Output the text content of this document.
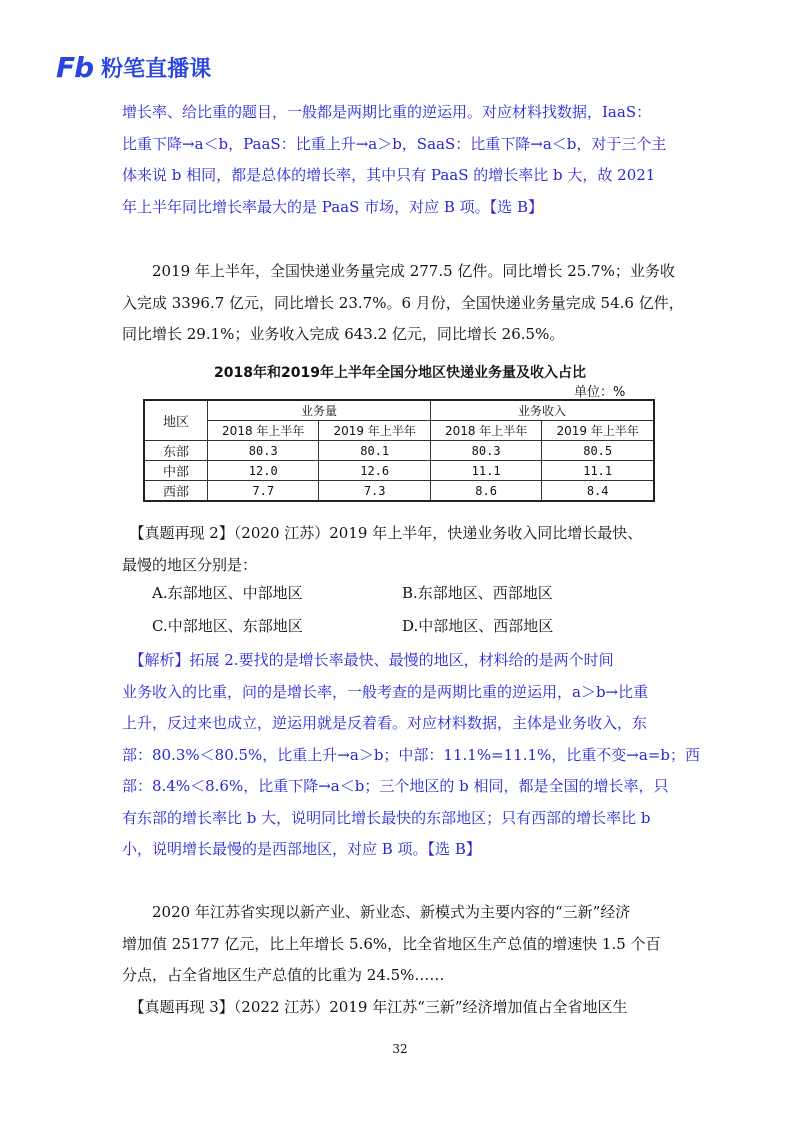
Fb 粉笔直播课
增长率、给比重的题目，一般都是两期比重的逆运用。对应材料找数据，IaaS：
比重下降→a＜b，PaaS：比重上升→a＞b，SaaS：比重下降→a＜b，对于三个主
体来说 b 相同，都是总体的增长率，其中只有 PaaS 的增长率比 b 大，故 2021
年上半年同比增长率最大的是 PaaS 市场，对应 B 项。【选 B】
　　2019 年上半年，全国快递业务量完成 277.5 亿件。同比增长 25.7%；业务收
入完成 3396.7 亿元，同比增长 23.7%。6 月份，全国快递业务量完成 54.6 亿件，
同比增长 29.1%；业务收入完成 643.2 亿元，同比增长 26.5%。
2018年和2019年上半年全国分地区快递业务量及收入占比
单位：%
地区	业务量		业务收入	
	2018 年上半年	2019 年上半年	2018 年上半年	2019 年上半年
东部	80.3	80.1	80.3	80.5
中部	12.0	12.6	11.1	11.1
西部	7.7	7.3	8.6	8.4
　【真题再现 2】（2020 江苏）2019 年上半年，快递业务收入同比增长最快、
最慢的地区分别是：
A.东部地区、中部地区	B.东部地区、西部地区
C.中部地区、东部地区	D.中部地区、西部地区
　【解析】拓展 2.要找的是增长率最快、最慢的地区，材料给的是两个时间
业务收入的比重，问的是增长率，一般考查的是两期比重的逆运用，a＞b→比重
上升，反过来也成立，逆运用就是反着看。对应材料数据，主体是业务收入，东
部：80.3%＜80.5%，比重上升→a＞b；中部：11.1%=11.1%，比重不变→a=b；西
部：8.4%＜8.6%，比重下降→a＜b；三个地区的 b 相同，都是全国的增长率，只
有东部的增长率比 b 大，说明同比增长最快的东部地区；只有西部的增长率比 b
小，说明增长最慢的是西部地区，对应 B 项。【选 B】
　　2020 年江苏省实现以新产业、新业态、新模式为主要内容的“三新”经济
增加值 25177 亿元，比上年增长 5.6%，比全省地区生产总值的增速快 1.5 个百
分点，占全省地区生产总值的比重为 24.5%……
　【真题再现 3】（2022 江苏）2019 年江苏“三新”经济增加值占全省地区生
32
